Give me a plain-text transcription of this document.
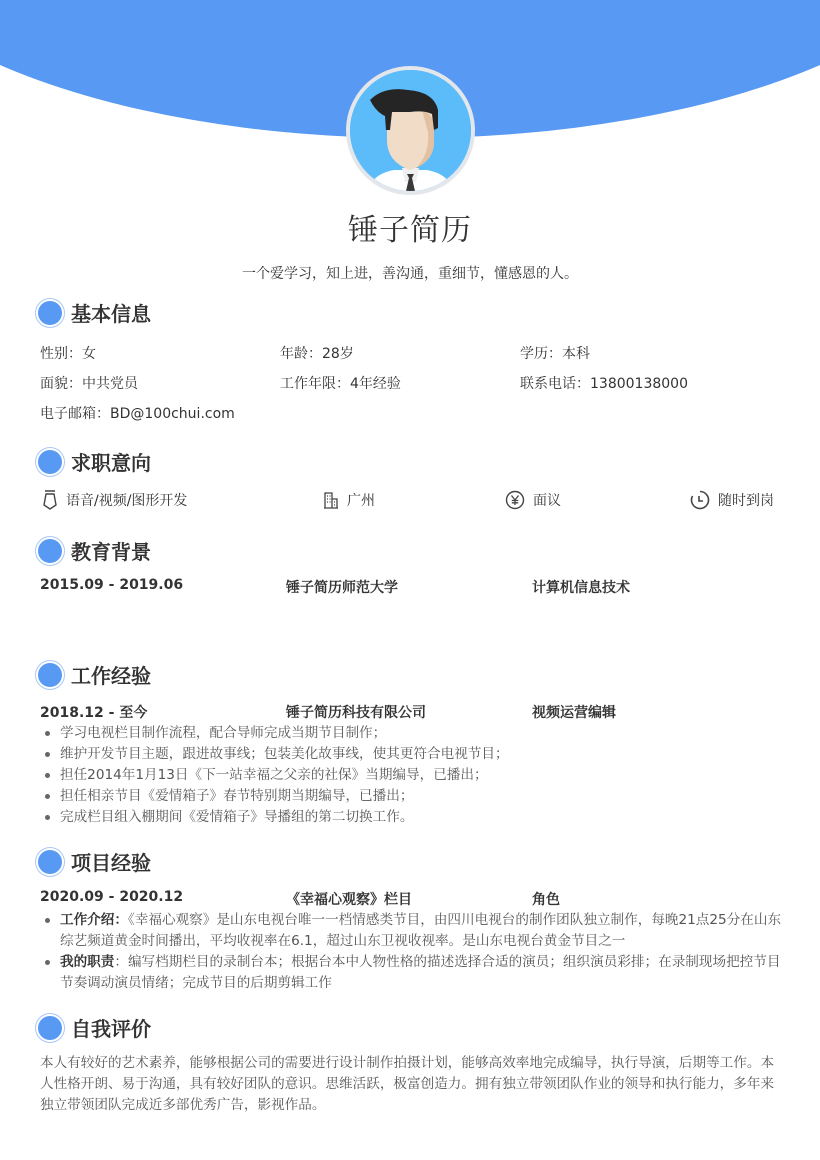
锤子简历
一个爱学习，知上进，善沟通，重细节，懂感恩的人。
基本信息
性别：女	年龄：28岁	学历：本科
面貌：中共党员	工作年限：4年经验	联系电话：13800138000
电子邮箱：BD@100chui.com
求职意向
语音/视频/图形开发	广州	面议	随时到岗
教育背景
2015.09 - 2019.06	锤子简历师范大学	计算机信息技术
工作经验
2018.12 - 至今	锤子简历科技有限公司	视频运营编辑
学习电视栏目制作流程，配合导师完成当期节目制作；
维护开发节目主题，跟进故事线；包装美化故事线，使其更符合电视节目；
担任2014年1月13日《下一站幸福之父亲的社保》当期编导，已播出；
担任相亲节目《爱情箱子》春节特别期当期编导，已播出；
完成栏目组入棚期间《爱情箱子》导播组的第二切换工作。
项目经验
2020.09 - 2020.12	《幸福心观察》栏目	角色
工作介绍：《幸福心观察》是山东电视台唯一一档情感类节目，由四川电视台的制作团队独立制作，每晚21点25分在山东综艺频道黄金时间播出，平均收视率在6.1，超过山东卫视收视率。是山东电视台黄金节目之一
我的职责：编写档期栏目的录制台本；根据台本中人物性格的描述选择合适的演员；组织演员彩排；在录制现场把控节目节奏调动演员情绪；完成节目的后期剪辑工作
自我评价
本人有较好的艺术素养，能够根据公司的需要进行设计制作拍摄计划，能够高效率地完成编导，执行导演，后期等工作。本人性格开朗、易于沟通，具有较好团队的意识。思维活跃，极富创造力。拥有独立带领团队作业的领导和执行能力，多年来独立带领团队完成近多部优秀广告，影视作品。
